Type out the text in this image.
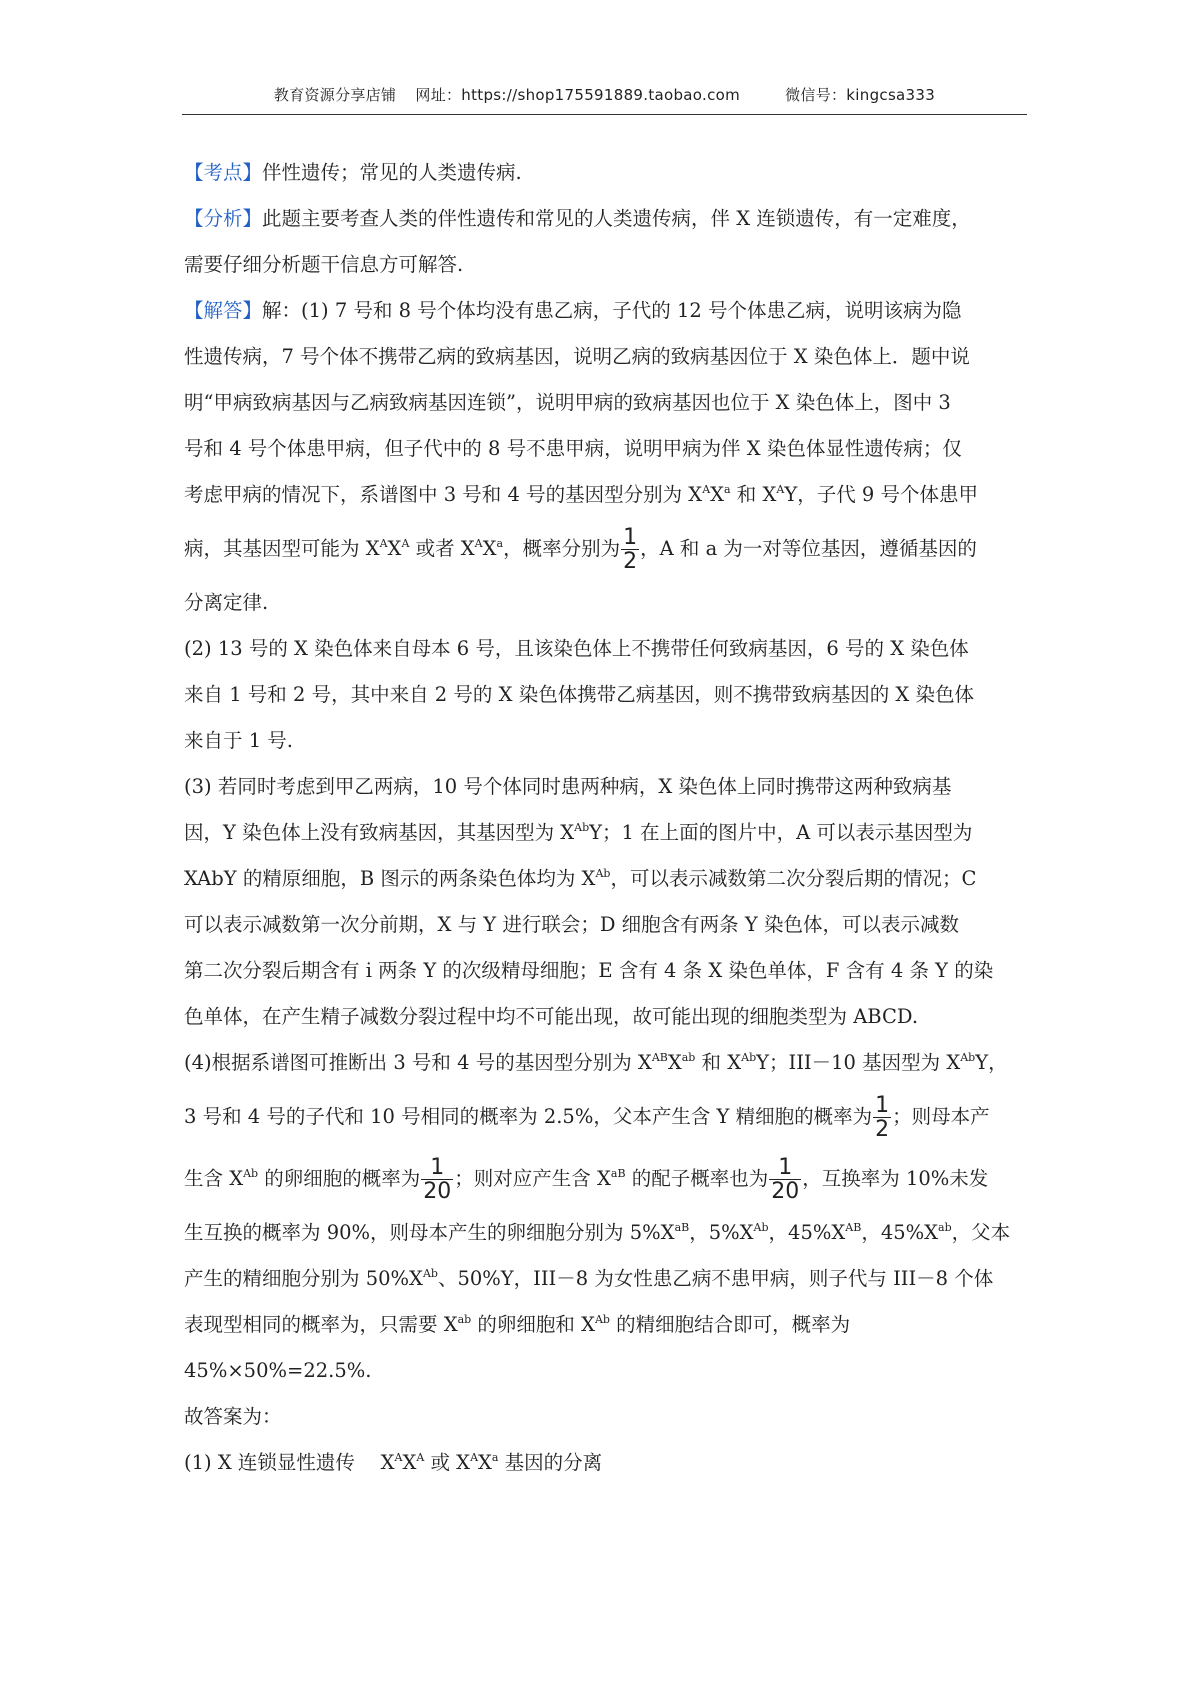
教育资源分享店铺 网址：https://shop175591889.taobao.com	微信号：kingcsa333

【考点】伴性遗传；常见的人类遗传病.

【分析】此题主要考查人类的伴性遗传和常见的人类遗传病，伴 X 连锁遗传，有一定难度，

需要仔细分析题干信息方可解答.

【解答】解：(1) 7 号和 8 号个体均没有患乙病，子代的 12 号个体患乙病，说明该病为隐

性遗传病，7 号个体不携带乙病的致病基因，说明乙病的致病基因位于 X 染色体上．题中说

明“甲病致病基因与乙病致病基因连锁”，说明甲病的致病基因也位于 X 染色体上，图中 3

号和 4 号个体患甲病，但子代中的 8 号不患甲病，说明甲病为伴 X 染色体显性遗传病；仅

考虑甲病的情况下，系谱图中 3 号和 4 号的基因型分别为 $X^AX^a$ 和 $X^AY$，子代 9 号个体患甲

病，其基因型可能为 $X^AX^A$ 或者 $X^AX^a$，概率分别为 $\frac{1}{2}$ ，A 和 a 为一对等位基因，遵循基因的

分离定律.

(2) 13 号的 X 染色体来自母本 6 号，且该染色体上不携带任何致病基因，6 号的 X 染色体

来自 1 号和 2 号，其中来自 2 号的 X 染色体携带乙病基因，则不携带致病基因的 X 染色体

来自于 1 号.

(3) 若同时考虑到甲乙两病，10 号个体同时患两种病，X 染色体上同时携带这两种致病基

因，Y 染色体上没有致病基因，其基因型为 $X^{Ab}Y$；1 在上面的图片中，A 可以表示基因型为

XAbY 的精原细胞，B 图示的两条染色体均为 $X^{Ab}$，可以表示减数第二次分裂后期的情况；C

可以表示减数第一次分前期，X 与 Y 进行联会；D 细胞含有两条 Y 染色体，可以表示减数

第二次分裂后期含有 i 两条 Y 的次级精母细胞；E 含有 4 条 X 染色单体，F 含有 4 条 Y 的染

色单体，在产生精子减数分裂过程中均不可能出现，故可能出现的细胞类型为 ABCD.

(4)根据系谱图可推断出 3 号和 4 号的基因型分别为 $X^{AB}X^{ab}$ 和 $X^{Ab}Y$；III－10 基因型为 $X^{Ab}Y$，

3 号和 4 号的子代和 10 号相同的概率为 2.5%，父本产生含 Y 精细胞的概率为 $\frac{1}{2}$ ；则母本产

生含 $X^{Ab}$ 的卵细胞的概率为 $\frac{1}{20}$ ；则对应产生含 $X^{aB}$ 的配子概率也为 $\frac{1}{20}$ ，互换率为 10%未发

生互换的概率为 90%，则母本产生的卵细胞分别为 $5\%X^{aB}$，$5\%X^{Ab}$，$45\%X^{AB}$，$45\%X^{ab}$，父本

产生的精细胞分别为 $50\%X^{Ab}$、50%Y，III－8 为女性患乙病不患甲病，则子代与 III－8 个体

表现型相同的概率为，只需要 $X^{ab}$ 的卵细胞和 $X^{Ab}$ 的精细胞结合即可，概率为

45%×50%=22.5%.

故答案为：

(1) X 连锁显性遗传　 $X^AX^A$ 或 $X^AX^a$ 基因的分离
